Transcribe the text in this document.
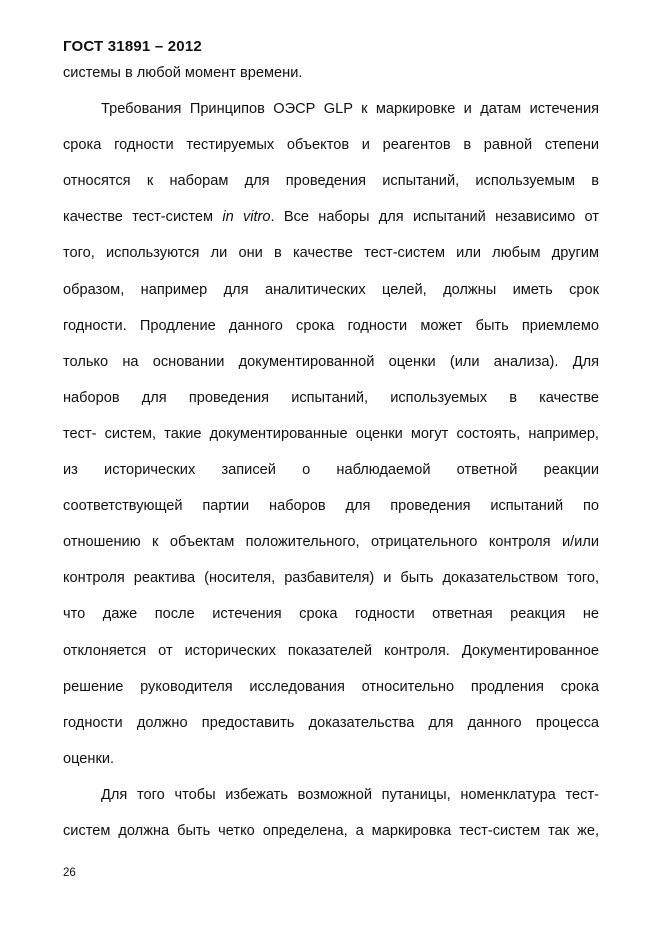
ГОСТ 31891 – 2012
системы в любой момент времени.
Требования Принципов ОЭСР GLP к маркировке и датам истечения
срока годности тестируемых объектов и реагентов в равной степени
относятся к наборам для проведения испытаний, используемым в
качестве тест-систем in vitro. Все наборы для испытаний независимо от
того, используются ли они в качестве тест-систем или любым другим
образом, например для аналитических целей, должны иметь срок
годности. Продление данного срока годности может быть приемлемо
только на основании документированной оценки (или анализа). Для
наборов для проведения испытаний, используемых в качестве
тест- систем, такие документированные оценки могут состоять, например,
из исторических записей о наблюдаемой ответной реакции
соответствующей партии наборов для проведения испытаний по
отношению к объектам положительного, отрицательного контроля и/или
контроля реактива (носителя, разбавителя) и быть доказательством того,
что даже после истечения срока годности ответная реакция не
отклоняется от исторических показателей контроля. Документированное
решение руководителя исследования относительно продления срока
годности должно предоставить доказательства для данного процесса
оценки.
Для того чтобы избежать возможной путаницы, номенклатура тест-
систем должна быть четко определена, а маркировка тест-систем так же,
26
